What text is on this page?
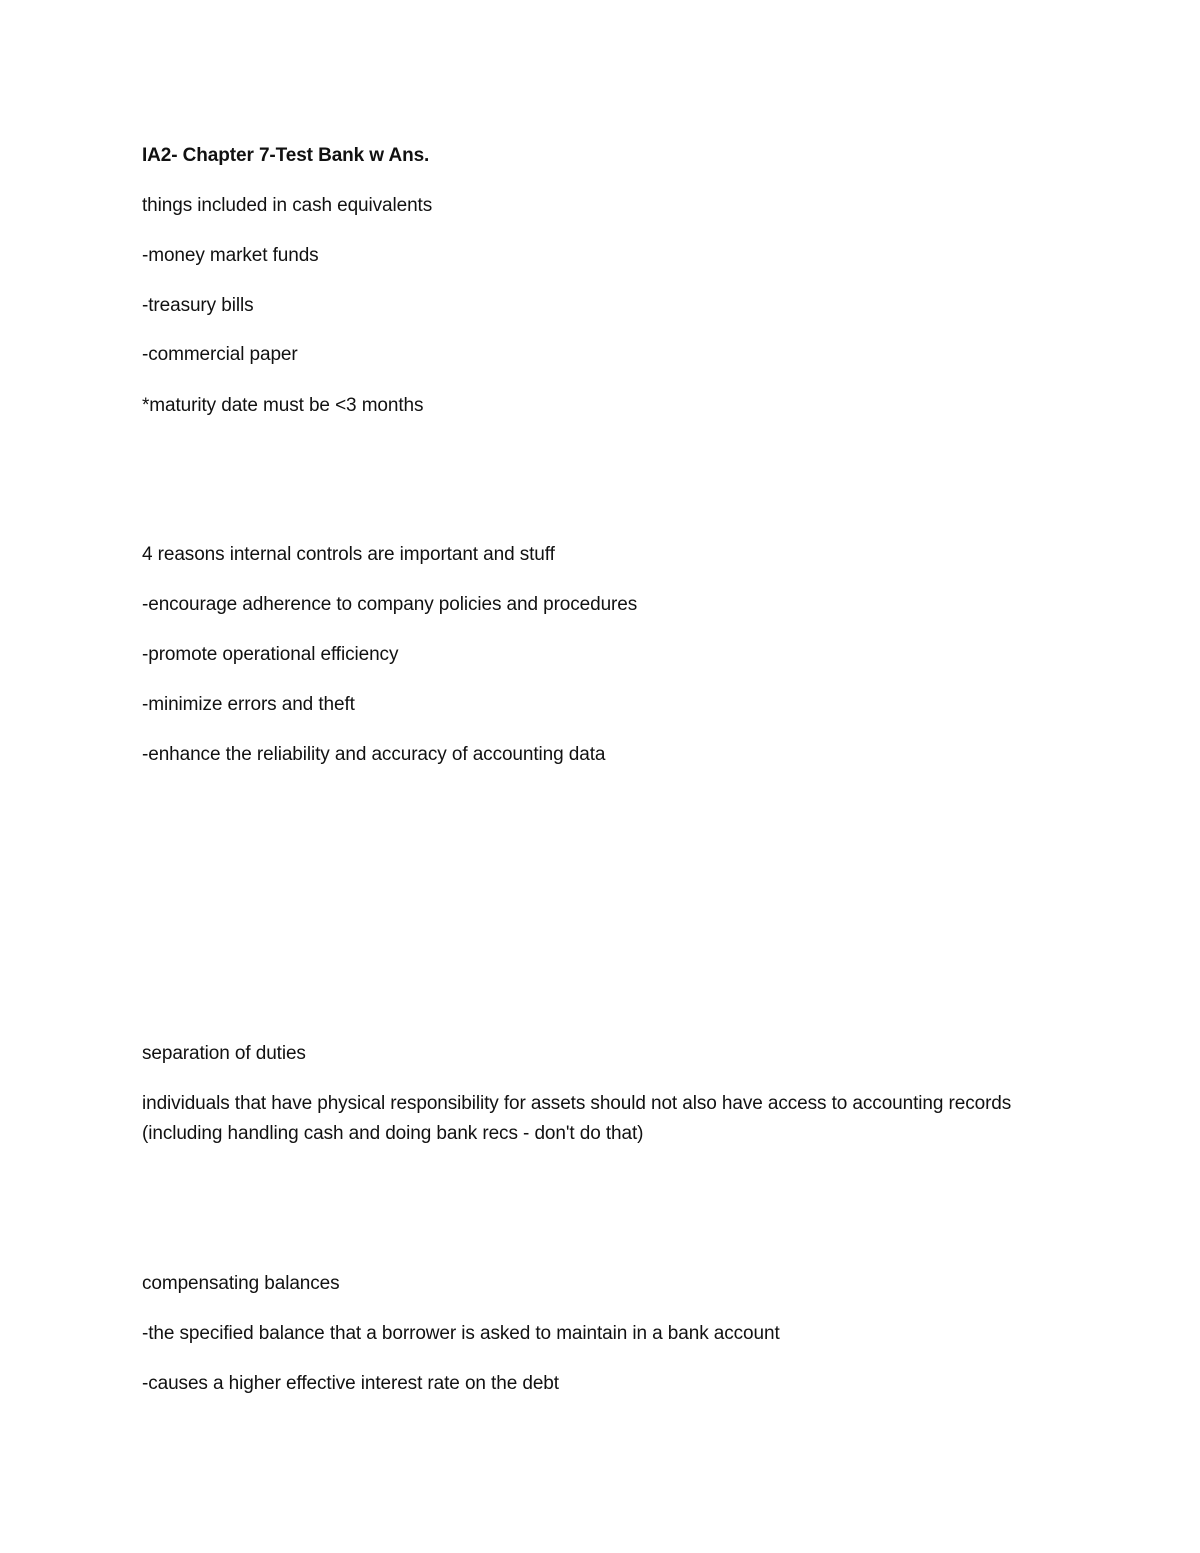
IA2- Chapter 7-Test Bank w Ans.

things included in cash equivalents

-money market funds

-treasury bills

-commercial paper

*maturity date must be <3 months

4 reasons internal controls are important and stuff

-encourage adherence to company policies and procedures

-promote operational efficiency

-minimize errors and theft

-enhance the reliability and accuracy of accounting data

separation of duties

individuals that have physical responsibility for assets should not also have access to accounting records

(including handling cash and doing bank recs - don't do that)

compensating balances

-the specified balance that a borrower is asked to maintain in a bank account

-causes a higher effective interest rate on the debt
